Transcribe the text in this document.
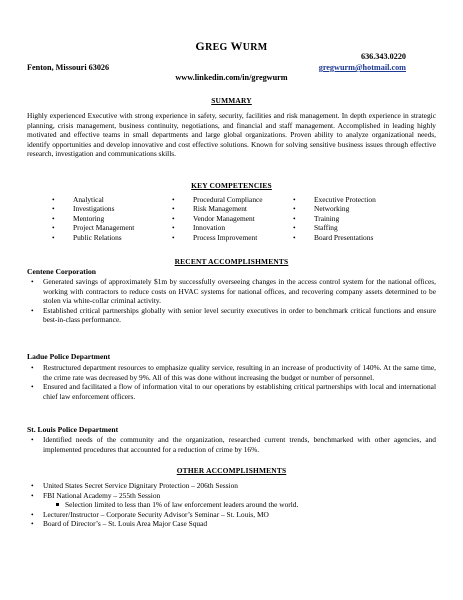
GREG WURM
636.343.0220
Fenton, Missouri 63026	gregwurm@hotmail.com
www.linkedin.com/in/gregwurm
SUMMARY
Highly experienced Executive with strong experience in safety, security, facilities and risk management. In depth experience in strategic planning, crisis management, business continuity, negotiations, and financial and staff management. Accomplished in leading highly motivated and effective teams in small departments and large global organizations. Proven ability to analyze organizational needs, identify opportunities and develop innovative and cost effective solutions. Known for solving sensitive business issues through effective research, investigation and communications skills.
KEY COMPETENCIES
• Analytical
• Investigations
• Mentoring
• Project Management
• Public Relations
• Procedural Compliance
• Risk Management
• Vendor Management
• Innovation
• Process Improvement
• Executive Protection
• Networking
• Training
• Staffing
• Board Presentations
RECENT ACCOMPLISHMENTS
Centene Corporation
• Generated savings of approximately $1m by successfully overseeing changes in the access control system for the national offices, working with contractors to reduce costs on HVAC systems for national offices, and recovering company assets determined to be stolen via white-collar criminal activity.
• Established critical partnerships globally with senior level security executives in order to benchmark critical functions and ensure best-in-class performance.
Ladue Police Department
• Restructured department resources to emphasize quality service, resulting in an increase of productivity of 140%. At the same time, the crime rate was decreased by 9%. All of this was done without increasing the budget or number of personnel.
• Ensured and facilitated a flow of information vital to our operations by establishing critical partnerships with local and international chief law enforcement officers.
St. Louis Police Department
• Identified needs of the community and the organization, researched current trends, benchmarked with other agencies, and implemented procedures that accounted for a reduction of crime by 16%.
OTHER ACCOMPLISHMENTS
• United States Secret Service Dignitary Protection – 206th Session
• FBI National Academy – 255th Session
Selection limited to less than 1% of law enforcement leaders around the world.
• Lecturer/Instructor – Corporate Security Advisor’s Seminar – St. Louis, MO
• Board of Director’s – St. Louis Area Major Case Squad
